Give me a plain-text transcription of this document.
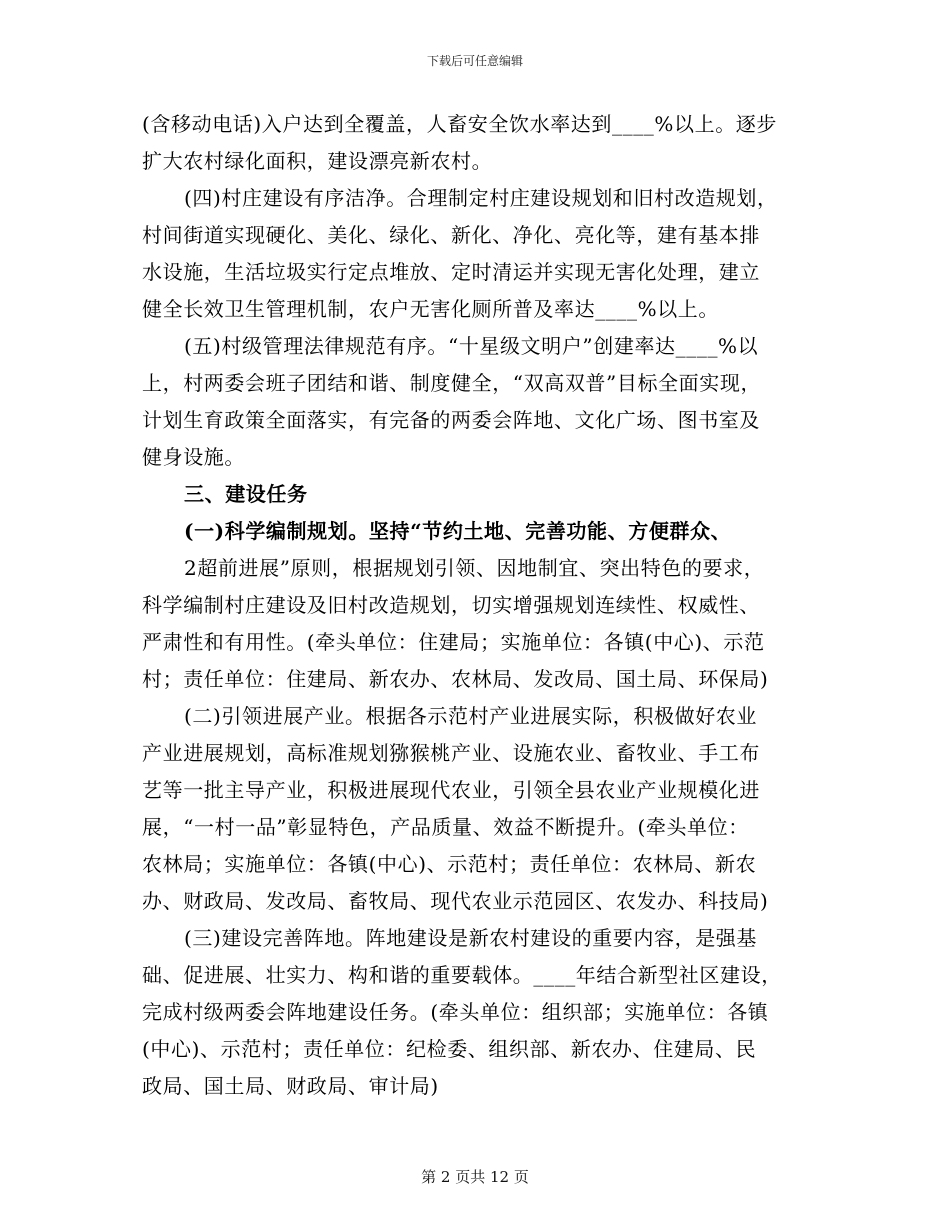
下载后可任意编辑
(含移动电话)入户达到全覆盖，人畜安全饮水率达到____%以上。逐步
扩大农村绿化面积，建设漂亮新农村。
(四)村庄建设有序洁净。合理制定村庄建设规划和旧村改造规划，
村间街道实现硬化、美化、绿化、新化、净化、亮化等，建有基本排
水设施，生活垃圾实行定点堆放、定时清运并实现无害化处理，建立
健全长效卫生管理机制，农户无害化厕所普及率达____%以上。
(五)村级管理法律规范有序。“十星级文明户”创建率达____%以
上，村两委会班子团结和谐、制度健全，“双高双普”目标全面实现，
计划生育政策全面落实，有完备的两委会阵地、文化广场、图书室及
健身设施。
三、建设任务
(一)科学编制规划。坚持“节约土地、完善功能、方便群众、
2超前进展”原则，根据规划引领、因地制宜、突出特色的要求，
科学编制村庄建设及旧村改造规划，切实增强规划连续性、权威性、
严肃性和有用性。(牵头单位：住建局；实施单位：各镇(中心)、示范
村；责任单位：住建局、新农办、农林局、发改局、国土局、环保局)
(二)引领进展产业。根据各示范村产业进展实际，积极做好农业
产业进展规划，高标准规划猕猴桃产业、设施农业、畜牧业、手工布
艺等一批主导产业，积极进展现代农业，引领全县农业产业规模化进
展，“一村一品”彰显特色，产品质量、效益不断提升。(牵头单位：
农林局；实施单位：各镇(中心)、示范村；责任单位：农林局、新农
办、财政局、发改局、畜牧局、现代农业示范园区、农发办、科技局)
(三)建设完善阵地。阵地建设是新农村建设的重要内容，是强基
础、促进展、壮实力、构和谐的重要载体。____年结合新型社区建设，
完成村级两委会阵地建设任务。(牵头单位：组织部；实施单位：各镇
(中心)、示范村；责任单位：纪检委、组织部、新农办、住建局、民
政局、国土局、财政局、审计局)
第 2 页共 12 页
